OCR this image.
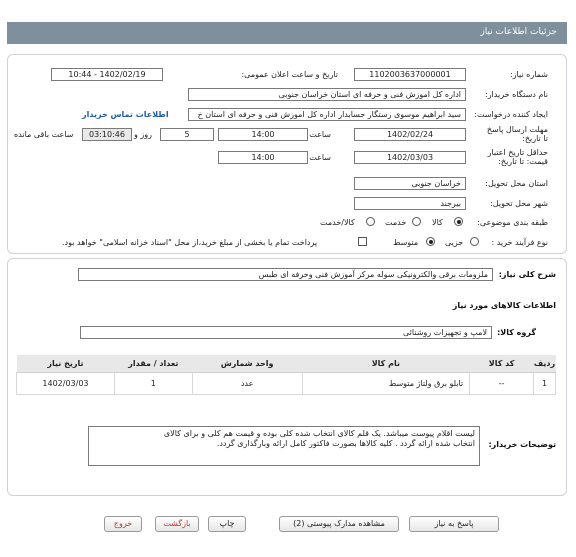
جزئیات اطلاعات نیاز
شماره نیاز:
1102003637000001
تاریخ و ساعت اعلان عمومی:
1402/02/19 - 10:44
نام دستگاه خریدار:
اداره کل اموزش فنی و حرفه ای استان خراسان جنوبی
ایجاد کننده درخواست:
سید ابراهیم موسوی رستگار حسابدار اداره کل اموزش فنی و حرفه ای استان خ
اطلاعات تماس خریدار
مهلت ارسال پاسخ تا تاریخ:
1402/02/24
ساعت
14:00
5
روز و
03:10:46
ساعت باقی مانده
حداقل تاریخ اعتبار قیمت: تا تاریخ:
1402/03/03
ساعت
14:00
استان محل تحویل:
خراسان جنوبی
شهر محل تحویل:
بیرجند
طبقه بندی موضوعی:
کالا
خدمت
کالا/خدمت
نوع فرآیند خرید :
جزیی
متوسط
پرداخت تمام یا بخشی از مبلغ خرید،از محل "اسناد خزانه اسلامی" خواهد بود.
شرح کلی نیاز:
ملزومات برقی والکترونیکی سوله مرکز آموزش فنی وحرفه ای طبس
اطلاعات کالاهای مورد نیاز
گروه کالا:
لامپ و تجهیزات روشنائی
ردیف	کد کالا	نام کالا	واحد شمارش	تعداد / مقدار	تاریخ نیاز
1	--	تابلو برق ولتاژ متوسط	عدد	1	1402/03/03
توضیحات خریدار:
لیست اقلام پیوست میباشد. یک قلم کالای انتخاب شده کلی بوده و قیمت هم کلی و برای کالای
انتخاب شده ارائه گردد . کلیه کالاها بصورت فاکتور کامل ارائه وبارگذاری گردد.
پاسخ به نیاز
مشاهده مدارک پیوستی (2)
چاپ
بازگشت
خروج
